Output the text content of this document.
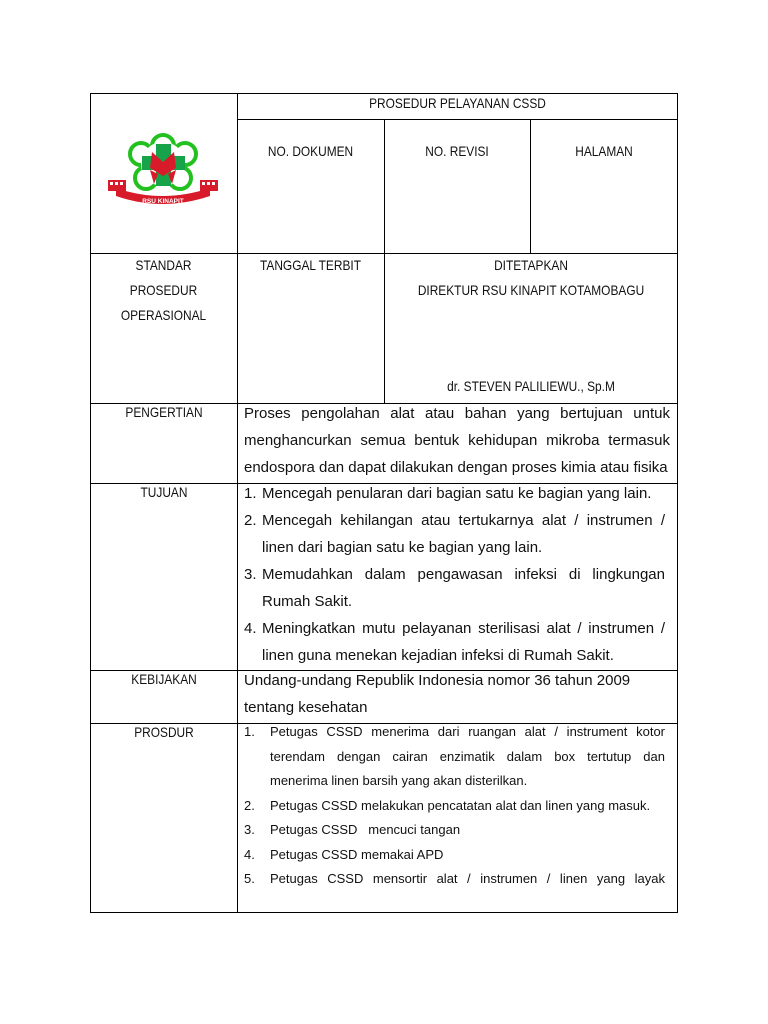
RSU KINAPIT
KOTA KOTAMOBAGU
PROSEDUR PELAYANAN CSSD
NO. DOKUMEN	NO. REVISI	HALAMAN
STANDAR
PROSEDUR
OPERASIONAL
TANGGAL TERBIT	DITETAPKAN
DIREKTUR RSU KINAPIT KOTAMOBAGU
dr. STEVEN PALILIEWU., Sp.M
PENGERTIAN	Proses pengolahan alat atau bahan yang bertujuan untuk menghancurkan semua bentuk kehidupan mikroba termasuk endospora dan dapat dilakukan dengan proses kimia atau fisika
TUJUAN	1. Mencegah penularan dari bagian satu ke bagian yang lain.
2. Mencegah kehilangan atau tertukarnya alat / instrumen / linen dari bagian satu ke bagian yang lain.
3. Memudahkan dalam pengawasan infeksi di lingkungan Rumah Sakit.
4. Meningkatkan mutu pelayanan sterilisasi alat / instrumen / linen guna menekan kejadian infeksi di Rumah Sakit.
KEBIJAKAN	Undang-undang Republik Indonesia nomor 36 tahun 2009 tentang kesehatan
PROSDUR	1.	Petugas CSSD menerima dari ruangan alat / instrument kotor terendam dengan cairan enzimatik dalam box tertutup dan menerima linen barsih yang akan disterilkan.
2.	Petugas CSSD melakukan pencatatan alat dan linen yang masuk.
3.	Petugas CSSD   mencuci tangan
4.	Petugas CSSD memakai APD
5.	Petugas CSSD mensortir alat / instrumen / linen yang layak
